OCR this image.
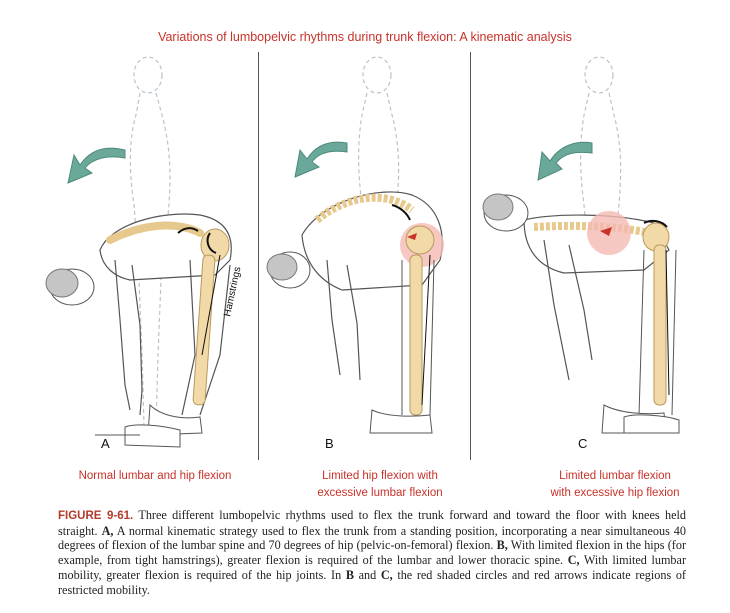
Variations of lumbopelvic rhythms during trunk flexion: A kinematic analysis
Hamstrings
A	B	C
Normal lumbar and hip flexion	Limited hip flexion with
excessive lumbar flexion
Limited lumbar flexion
with excessive hip flexion
FIGURE 9-61. Three different lumbopelvic rhythms used to flex the trunk forward and toward the floor with knees held straight. A, A normal kinematic strategy used to flex the trunk from a standing position, incorporating a near simultaneous 40 degrees of flexion of the lumbar spine and 70 degrees of hip (pelvic-on-femoral) flexion. B, With limited flexion in the hips (for example, from tight hamstrings), greater flexion is required of the lumbar and lower thoracic spine. C, With limited lumbar mobility, greater flexion is required of the hip joints. In B and C, the red shaded circles and red arrows indicate regions of restricted mobility.
